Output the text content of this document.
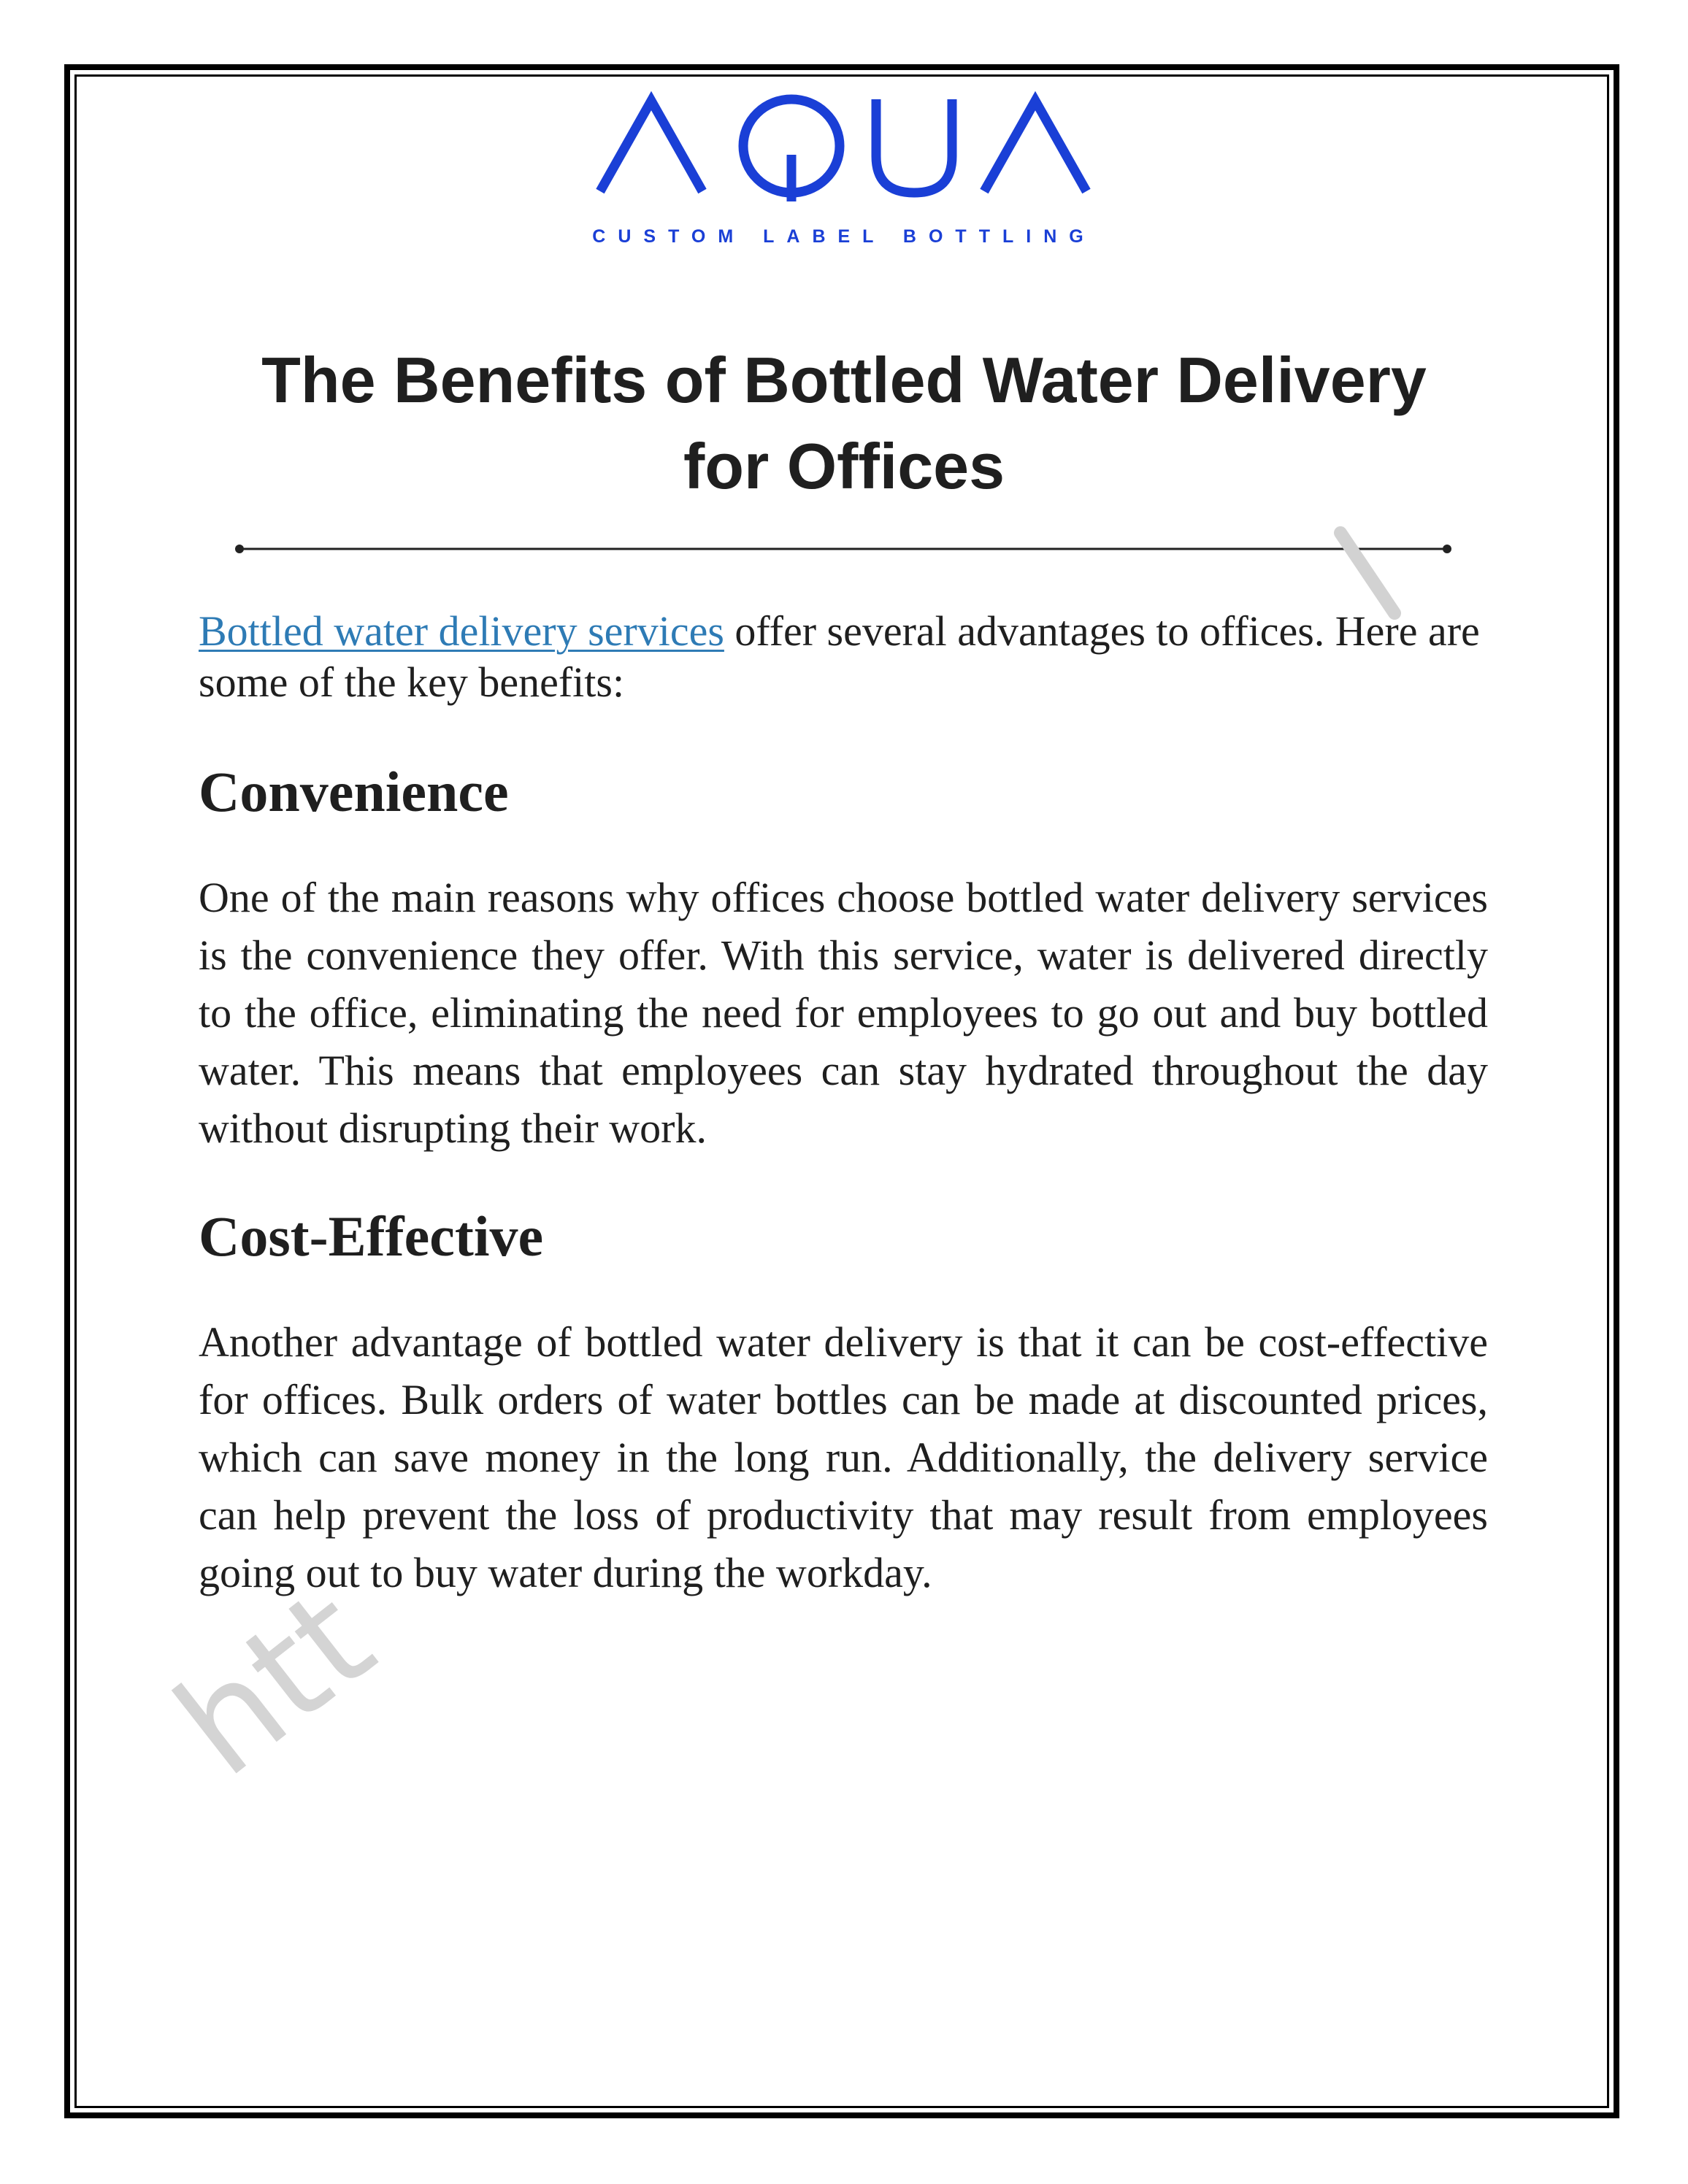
CUSTOM LABEL BOTTLING
The Benefits of Bottled Water Delivery
for Offices

Bottled water delivery services offer several advantages to offices. Here are some of the key benefits:

Convenience

One of the main reasons why offices choose bottled water delivery services is the convenience they offer. With this service, water is delivered directly to the office, eliminating the need for employees to go out and buy bottled water. This means that employees can stay hydrated throughout the day without disrupting their work.

Cost-Effective

Another advantage of bottled water delivery is that it can be cost-effective for offices. Bulk orders of water bottles can be made at discounted prices, which can save money in the long run. Additionally, the delivery service can help prevent the loss of productivity that may result from employees going out to buy water during the workday.

htt
